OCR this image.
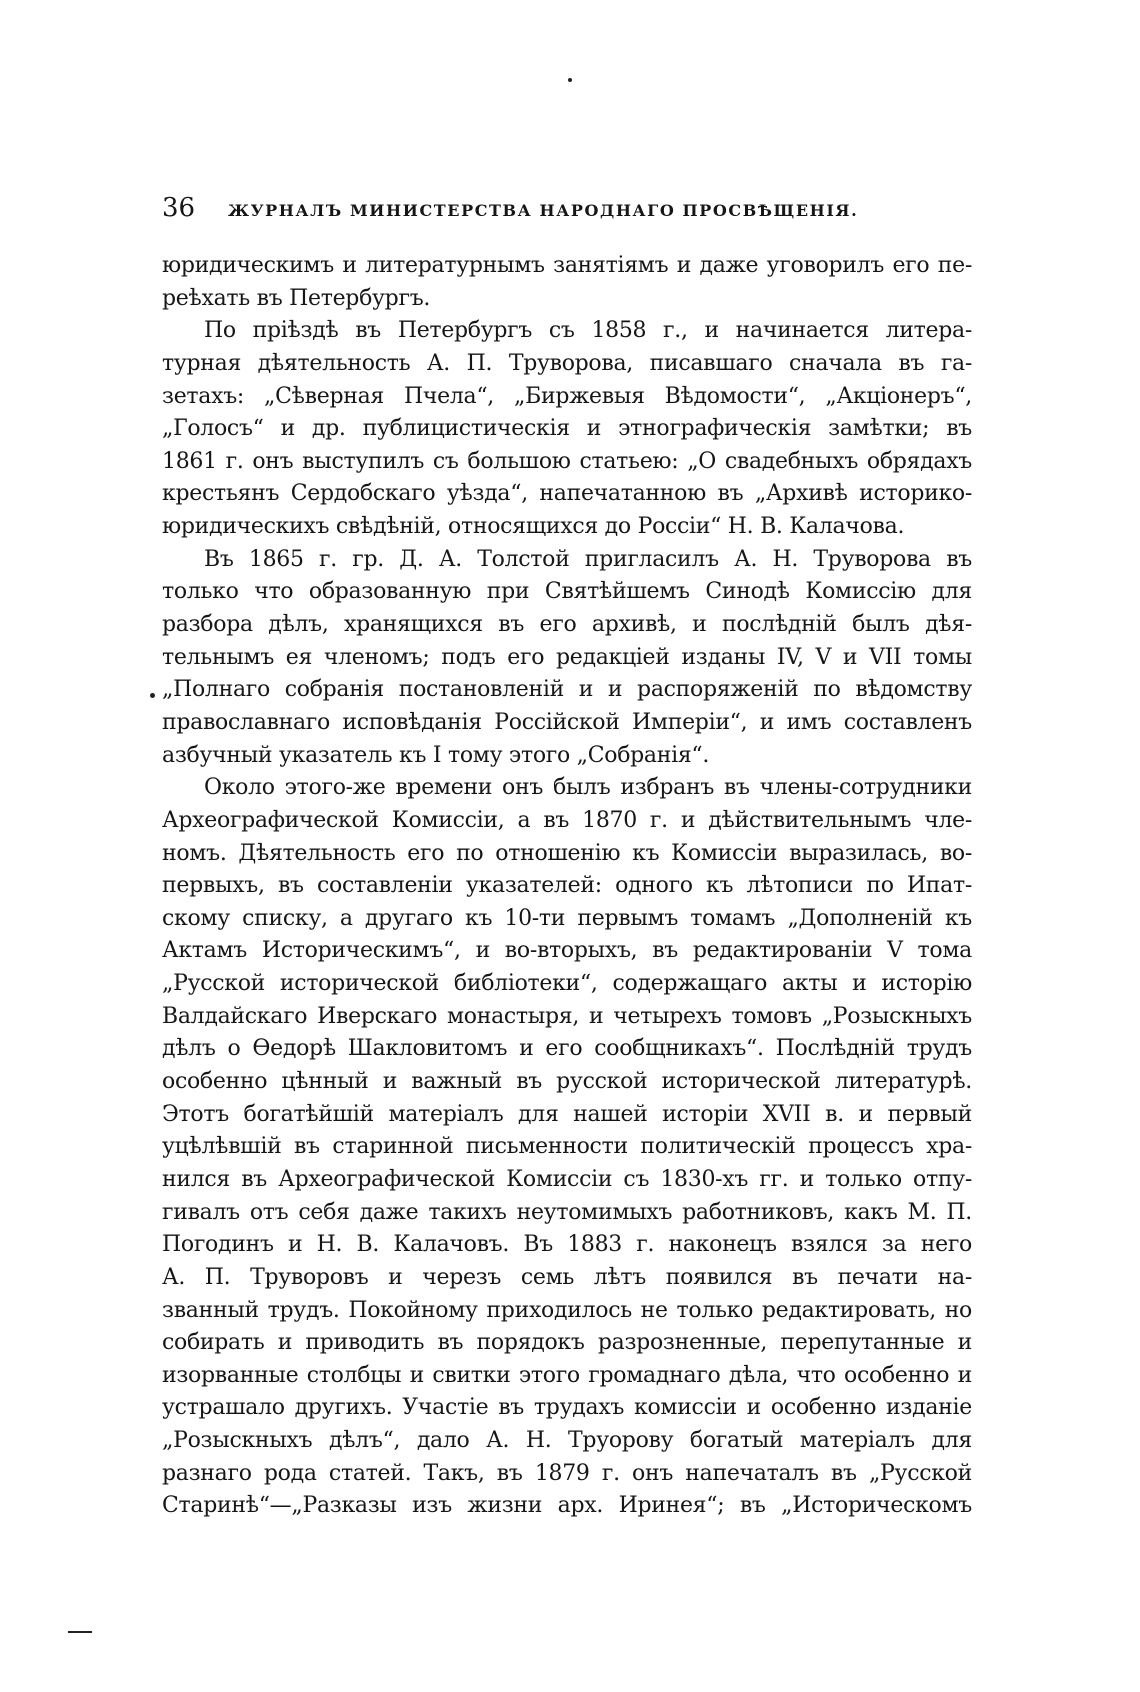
36 ЖУРНАЛЪ МИНИСТЕРСТВА НАРОДНАГО ПРОСВѢЩЕНІЯ.
юридическимъ и литературнымъ занятіямъ и даже уговорилъ его пе-
реѣхать въ Петербургъ.
По пріѣздѣ въ Петербургъ съ 1858 г., и начинается литера-
турная дѣятельность А. П. Труворова, писавшаго сначала въ га-
зетахъ: „Сѣверная Пчела“, „Биржевыя Вѣдомости“, „Акціонеръ“,
„Голосъ“ и др. публицистическія и этнографическія замѣтки; въ
1861 г. онъ выступилъ съ большою статьею: „О свадебныхъ обрядахъ
крестьянъ Сердобскаго уѣзда“, напечатанною въ „Архивѣ историко-
юридическихъ свѣдѣній, относящихся до Россіи“ Н. В. Калачова.
Въ 1865 г. гр. Д. А. Толстой пригласилъ А. Н. Труворова въ
только что образованную при Святѣйшемъ Синодѣ Комиссію для
разбора дѣлъ, хранящихся въ его архивѣ, и послѣдній былъ дѣя-
тельнымъ ея членомъ; подъ его редакціей изданы IV, V и VII томы
„Полнаго собранія постановленій и и распоряженій по вѣдомству
православнаго исповѣданія Россійской Имперіи“, и имъ составленъ
азбучный указатель къ I тому этого „Собранія“.
Около этого-же времени онъ былъ избранъ въ члены-сотрудники
Археографической Комиссіи, а въ 1870 г. и дѣйствительнымъ чле-
номъ. Дѣятельность его по отношенію къ Комиссіи выразилась, во-
первыхъ, въ составленіи указателей: одного къ лѣтописи по Ипат-
скому списку, а другаго къ 10-ти первымъ томамъ „Дополненій къ
Актамъ Историческимъ“, и во-вторыхъ, въ редактированіи V тома
„Русской исторической библіотеки“, содержащаго акты и исторію
Валдайскаго Иверскаго монастыря, и четырехъ томовъ „Розыскныхъ
дѣлъ о Өедорѣ Шакловитомъ и его сообщникахъ“. Послѣдній трудъ
особенно цѣнный и важный въ русской исторической литературѣ.
Этотъ богатѣйшій матеріалъ для нашей исторіи XVII в. и первый
уцѣлѣвшій въ старинной письменности политическій процессъ хра-
нился въ Археографической Комиссіи съ 1830-хъ гг. и только отпу-
гивалъ отъ себя даже такихъ неутомимыхъ работниковъ, какъ М. П.
Погодинъ и Н. В. Калачовъ. Въ 1883 г. наконецъ взялся за него
А. П. Труворовъ и черезъ семь лѣтъ появился въ печати на-
званный трудъ. Покойному приходилось не только редактировать, но
собирать и приводить въ порядокъ разрозненные, перепутанные и
изорванные столбцы и свитки этого громаднаго дѣла, что особенно и
устрашало другихъ. Участіе въ трудахъ комиссіи и особенно изданіе
„Розыскныхъ дѣлъ“, дало А. Н. Труорову богатый матеріалъ для
разнаго рода статей. Такъ, въ 1879 г. онъ напечаталъ въ „Русской
Старинѣ“—„Разказы изъ жизни арх. Иринея“; въ „Историческомъ
